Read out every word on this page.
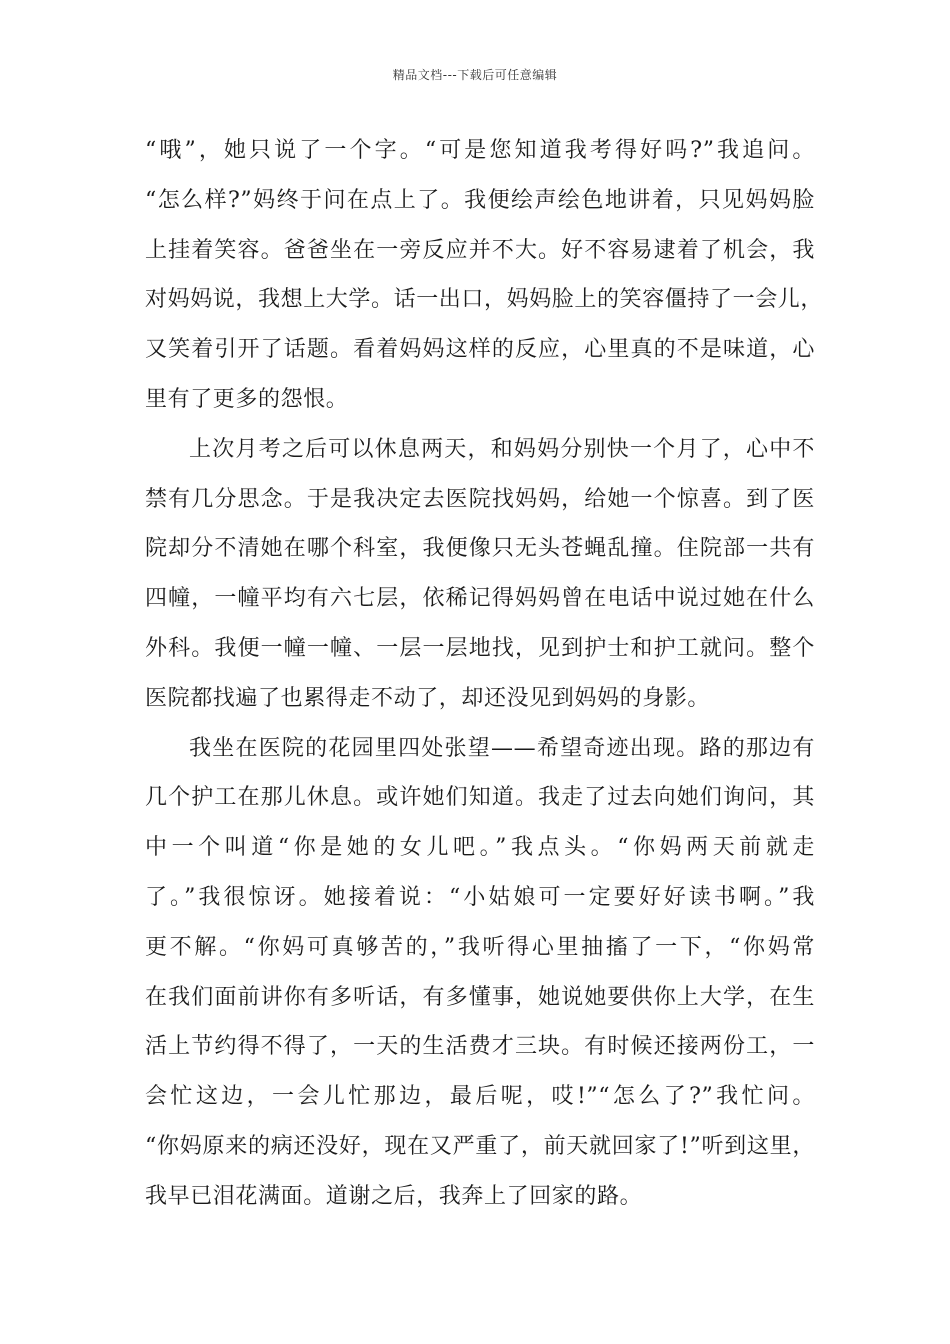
精品文档---下载后可任意编辑
“哦”，她只说了一个字。“可是您知道我考得好吗?”我追问。
“怎么样?”妈终于问在点上了。我便绘声绘色地讲着，只见妈妈脸
上挂着笑容。爸爸坐在一旁反应并不大。好不容易逮着了机会，我
对妈妈说，我想上大学。话一出口，妈妈脸上的笑容僵持了一会儿，
又笑着引开了话题。看着妈妈这样的反应，心里真的不是味道，心
里有了更多的怨恨。
上次月考之后可以休息两天，和妈妈分别快一个月了，心中不
禁有几分思念。于是我决定去医院找妈妈，给她一个惊喜。到了医
院却分不清她在哪个科室，我便像只无头苍蝇乱撞。住院部一共有
四幢，一幢平均有六七层，依稀记得妈妈曾在电话中说过她在什么
外科。我便一幢一幢、一层一层地找，见到护士和护工就问。整个
医院都找遍了也累得走不动了，却还没见到妈妈的身影。
我坐在医院的花园里四处张望——希望奇迹出现。路的那边有
几个护工在那儿休息。或许她们知道。我走了过去向她们询问，其
中一个叫道“你是她的女儿吧。”我点头。“你妈两天前就走
了。”我很惊讶。她接着说：“小姑娘可一定要好好读书啊。”我
更不解。“你妈可真够苦的，”我听得心里抽搐了一下，“你妈常
在我们面前讲你有多听话，有多懂事，她说她要供你上大学，在生
活上节约得不得了，一天的生活费才三块。有时候还接两份工，一
会忙这边，一会儿忙那边，最后呢，哎!”“怎么了?”我忙问。
“你妈原来的病还没好，现在又严重了，前天就回家了!”听到这里，
我早已泪花满面。道谢之后，我奔上了回家的路。
